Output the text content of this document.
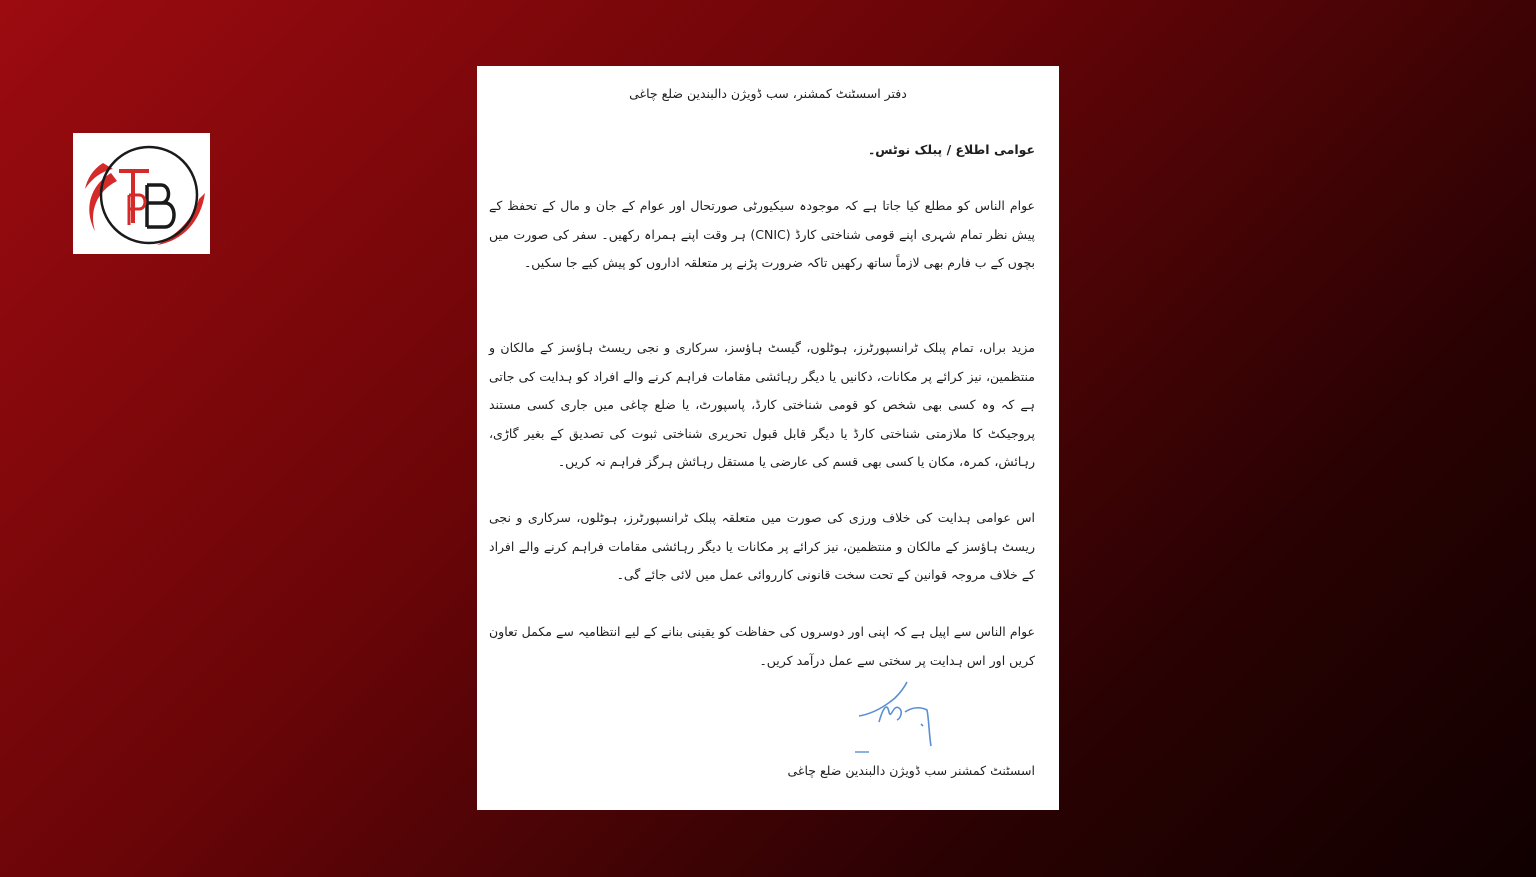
دفتر اسسٹنٹ کمشنر، سب ڈویژن دالبندین ضلع چاغی

عوامی اطلاع / پبلک نوٹس۔

عوام الناس کو مطلع کیا جاتا ہے کہ موجودہ سیکیورٹی صورتحال اور عوام کے جان و مال کے تحفظ کے پیش نظر تمام شہری اپنے قومی شناختی کارڈ (CNIC) ہر وقت اپنے ہمراہ رکھیں۔ سفر کی صورت میں بچوں کے ب فارم بھی لازماً ساتھ رکھیں تاکہ ضرورت پڑنے پر متعلقہ اداروں کو پیش کیے جا سکیں۔

مزید براں، تمام پبلک ٹرانسپورٹرز، ہوٹلوں، گیسٹ ہاؤسز، سرکاری و نجی ریسٹ ہاؤسز کے مالکان و منتظمین، نیز کرائے پر مکانات، دکانیں یا دیگر رہائشی مقامات فراہم کرنے والے افراد کو ہدایت کی جاتی ہے کہ وہ کسی بھی شخص کو قومی شناختی کارڈ، پاسپورٹ، یا ضلع چاغی میں جاری کسی مستند پروجیکٹ کا ملازمتی شناختی کارڈ یا دیگر قابل قبول تحریری شناختی ثبوت کی تصدیق کے بغیر گاڑی، رہائش، کمرہ، مکان یا کسی بھی قسم کی عارضی یا مستقل رہائش ہرگز فراہم نہ کریں۔

اس عوامی ہدایت کی خلاف ورزی کی صورت میں متعلقہ پبلک ٹرانسپورٹرز، ہوٹلوں، سرکاری و نجی ریسٹ ہاؤسز کے مالکان و منتظمین، نیز کرائے پر مکانات یا دیگر رہائشی مقامات فراہم کرنے والے افراد کے خلاف مروجہ قوانین کے تحت سخت قانونی کارروائی عمل میں لائی جائے گی۔

عوام الناس سے اپیل ہے کہ اپنی اور دوسروں کی حفاظت کو یقینی بنانے کے لیے انتظامیہ سے مکمل تعاون کریں اور اس ہدایت پر سختی سے عمل درآمد کریں۔

اسسٹنٹ کمشنر سب ڈویژن دالبندین ضلع چاغی
